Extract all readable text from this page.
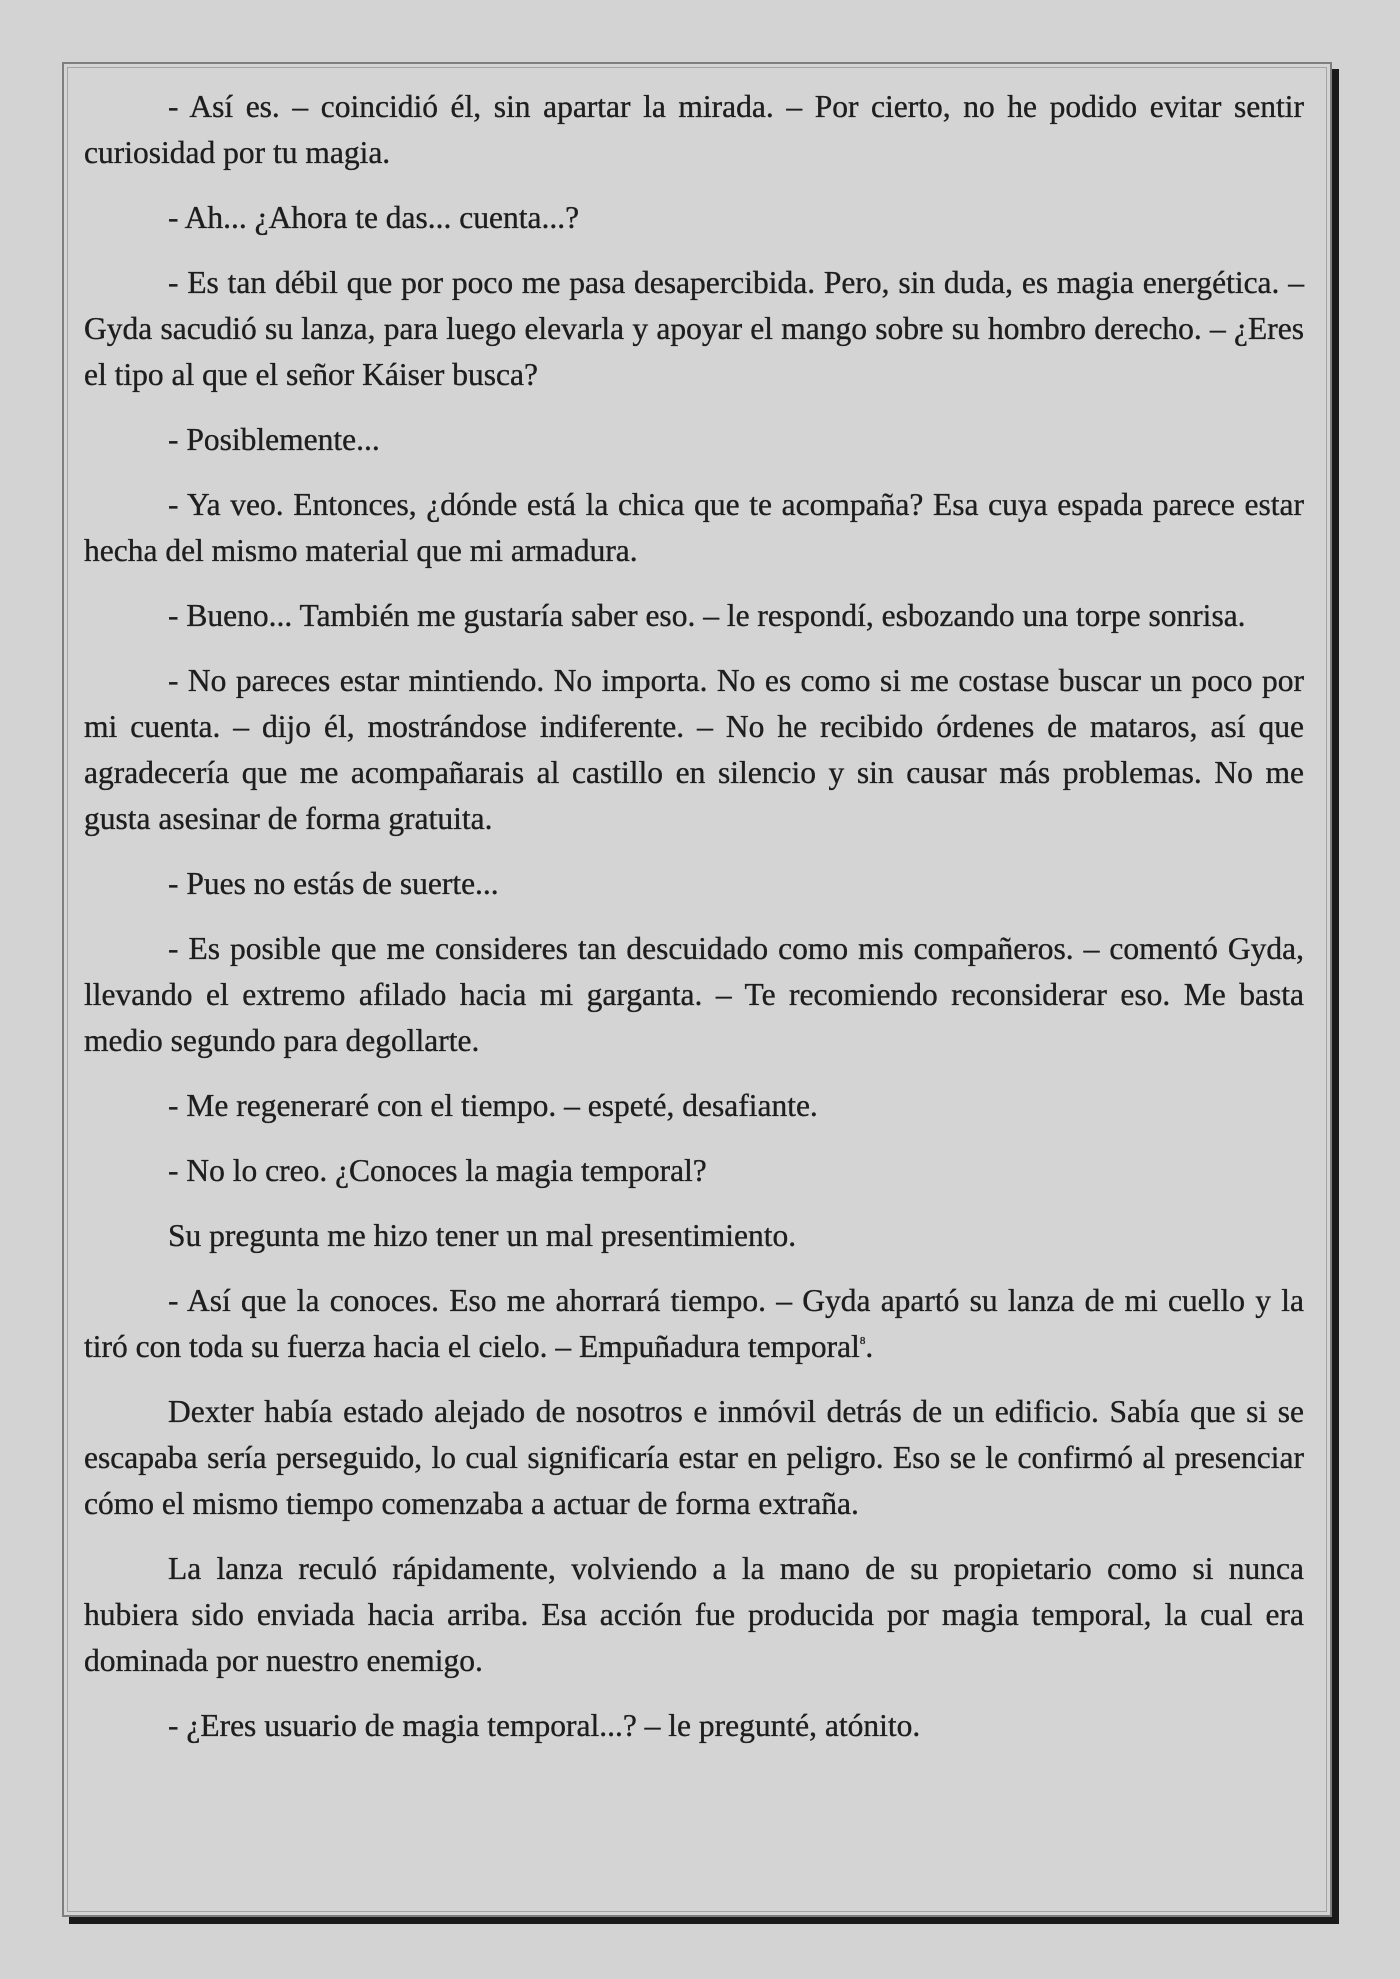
- Así es. – coincidió él, sin apartar la mirada. – Por cierto, no he podido evitar sentir curiosidad por tu magia.

- Ah... ¿Ahora te das... cuenta...?

- Es tan débil que por poco me pasa desapercibida. Pero, sin duda, es magia energética. – Gyda sacudió su lanza, para luego elevarla y apoyar el mango sobre su hombro derecho. – ¿Eres el tipo al que el señor Káiser busca?

- Posiblemente...

- Ya veo. Entonces, ¿dónde está la chica que te acompaña? Esa cuya espada parece estar hecha del mismo material que mi armadura.

- Bueno... También me gustaría saber eso. – le respondí, esbozando una torpe sonrisa.

- No pareces estar mintiendo. No importa. No es como si me costase buscar un poco por mi cuenta. – dijo él, mostrándose indiferente. – No he recibido órdenes de mataros, así que agradecería que me acompañarais al castillo en silencio y sin causar más problemas. No me gusta asesinar de forma gratuita.

- Pues no estás de suerte...

- Es posible que me consideres tan descuidado como mis compañeros. – comentó Gyda, llevando el extremo afilado hacia mi garganta. – Te recomiendo reconsiderar eso. Me basta medio segundo para degollarte.

- Me regeneraré con el tiempo. – espeté, desafiante.

- No lo creo. ¿Conoces la magia temporal?

Su pregunta me hizo tener un mal presentimiento.

- Así que la conoces. Eso me ahorrará tiempo. – Gyda apartó su lanza de mi cuello y la tiró con toda su fuerza hacia el cielo. – Empuñadura temporal$^8$.

Dexter había estado alejado de nosotros e inmóvil detrás de un edificio. Sabía que si se escapaba sería perseguido, lo cual significaría estar en peligro. Eso se le confirmó al presenciar cómo el mismo tiempo comenzaba a actuar de forma extraña.

La lanza reculó rápidamente, volviendo a la mano de su propietario como si nunca hubiera sido enviada hacia arriba. Esa acción fue producida por magia temporal, la cual era dominada por nuestro enemigo.

- ¿Eres usuario de magia temporal...? – le pregunté, atónito.
